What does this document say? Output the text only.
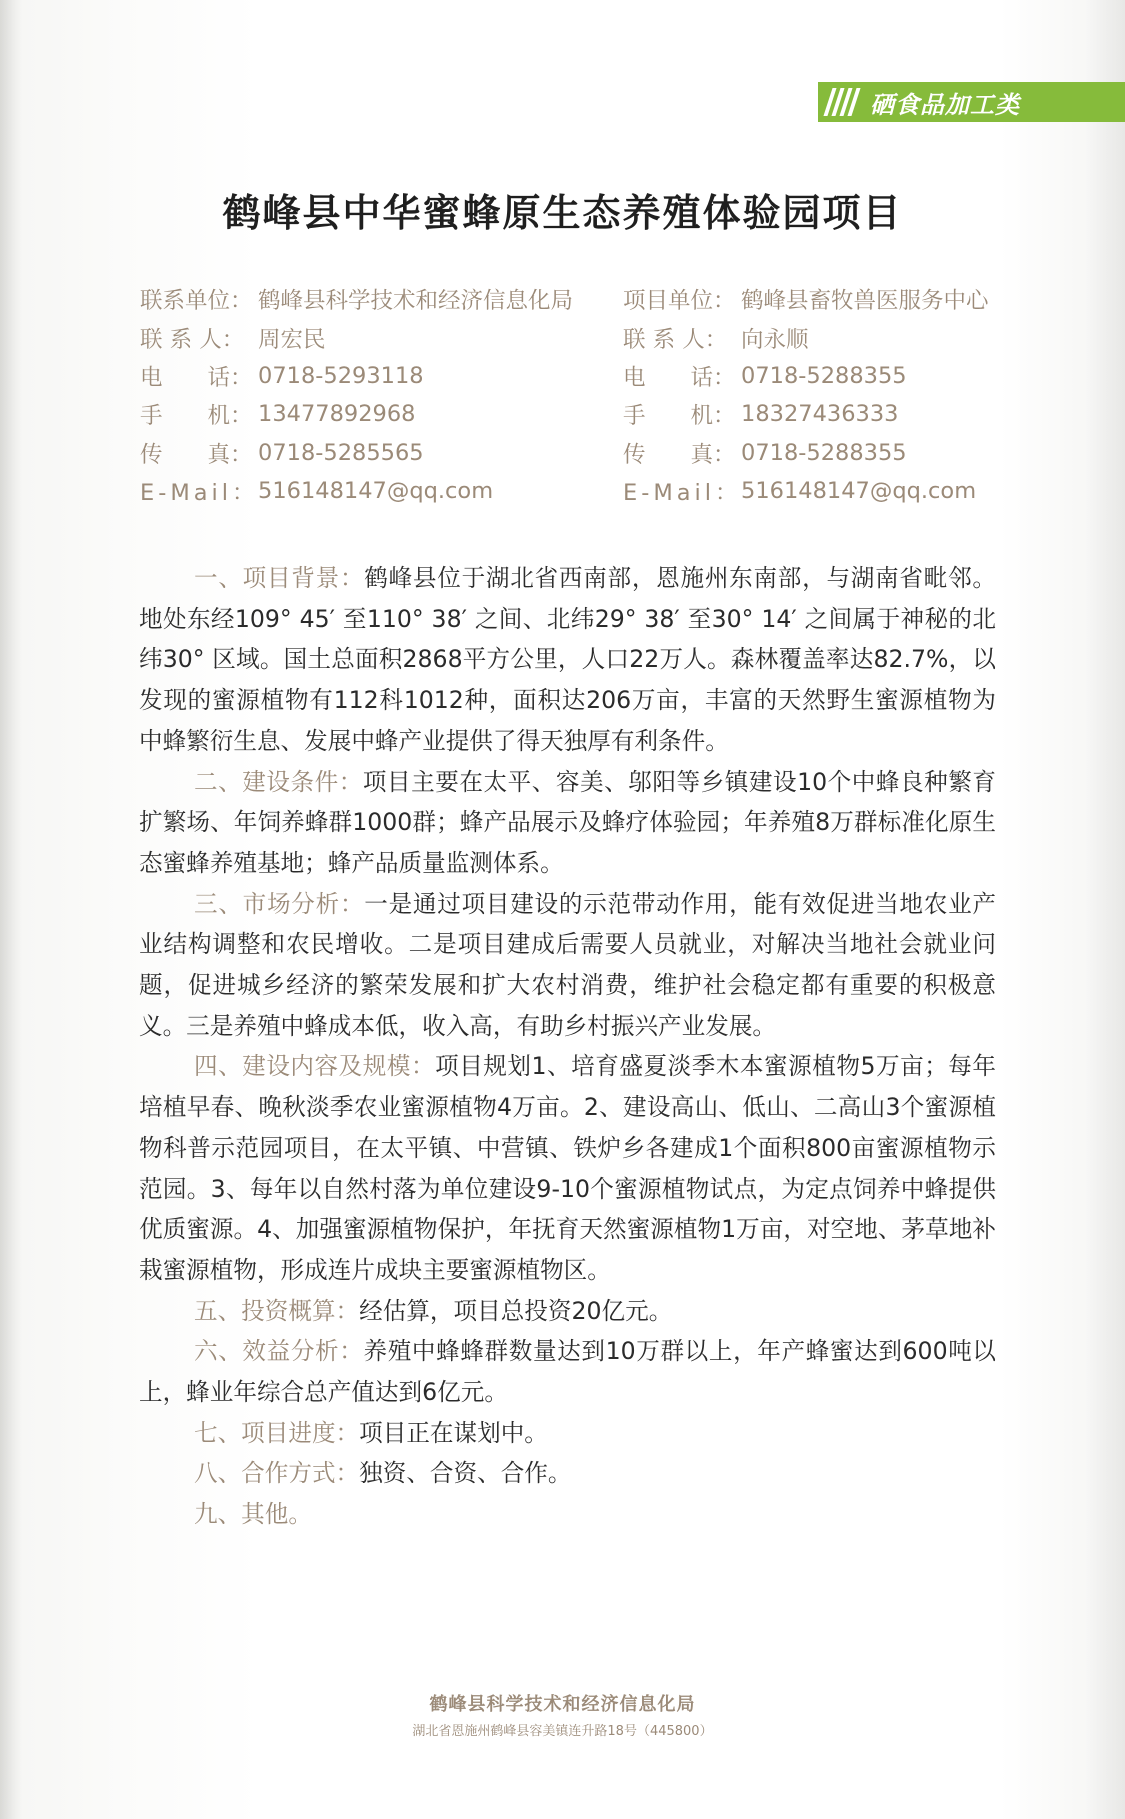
硒食品加工类
鹤峰县中华蜜蜂原生态养殖体验园项目
联系单位： 鹤峰县科学技术和经济信息化局
联 系 人： 周宏民
电　　话： 0718-5293118
手　　机： 13477892968
传　　真： 0718-5285565
E-Mail： 516148147@qq.com
项目单位： 鹤峰县畜牧兽医服务中心
联 系 人： 向永顺
电　　话： 0718-5288355
手　　机： 18327436333
传　　真： 0718-5288355
E-Mail： 516148147@qq.com

一、项目背景：鹤峰县位于湖北省西南部，恩施州东南部，与湖南省毗邻。地处东经109° 45′ 至110° 38′ 之间、北纬29° 38′ 至30° 14′ 之间属于神秘的北纬30° 区域。国土总面积2868平方公里，人口22万人。森林覆盖率达82.7%，以发现的蜜源植物有112科1012种，面积达206万亩，丰富的天然野生蜜源植物为中蜂繁衍生息、发展中蜂产业提供了得天独厚有利条件。

二、建设条件：项目主要在太平、容美、邬阳等乡镇建设10个中蜂良种繁育扩繁场、年饲养蜂群1000群；蜂产品展示及蜂疗体验园；年养殖8万群标准化原生态蜜蜂养殖基地；蜂产品质量监测体系。

三、市场分析：一是通过项目建设的示范带动作用，能有效促进当地农业产业结构调整和农民增收。二是项目建成后需要人员就业，对解决当地社会就业问题，促进城乡经济的繁荣发展和扩大农村消费，维护社会稳定都有重要的积极意义。三是养殖中蜂成本低，收入高，有助乡村振兴产业发展。

四、建设内容及规模：项目规划1、培育盛夏淡季木本蜜源植物5万亩；每年培植早春、晚秋淡季农业蜜源植物4万亩。2、建设高山、低山、二高山3个蜜源植物科普示范园项目，在太平镇、中营镇、铁炉乡各建成1个面积800亩蜜源植物示范园。3、每年以自然村落为单位建设9-10个蜜源植物试点，为定点饲养中蜂提供优质蜜源。4、加强蜜源植物保护，年抚育天然蜜源植物1万亩，对空地、茅草地补栽蜜源植物，形成连片成块主要蜜源植物区。

五、投资概算：经估算，项目总投资20亿元。

六、效益分析：养殖中蜂蜂群数量达到10万群以上，年产蜂蜜达到600吨以上，蜂业年综合总产值达到6亿元。

七、项目进度：项目正在谋划中。

八、合作方式：独资、合资、合作。

九、其他。

鹤峰县科学技术和经济信息化局
湖北省恩施州鹤峰县容美镇连升路18号（445800）
